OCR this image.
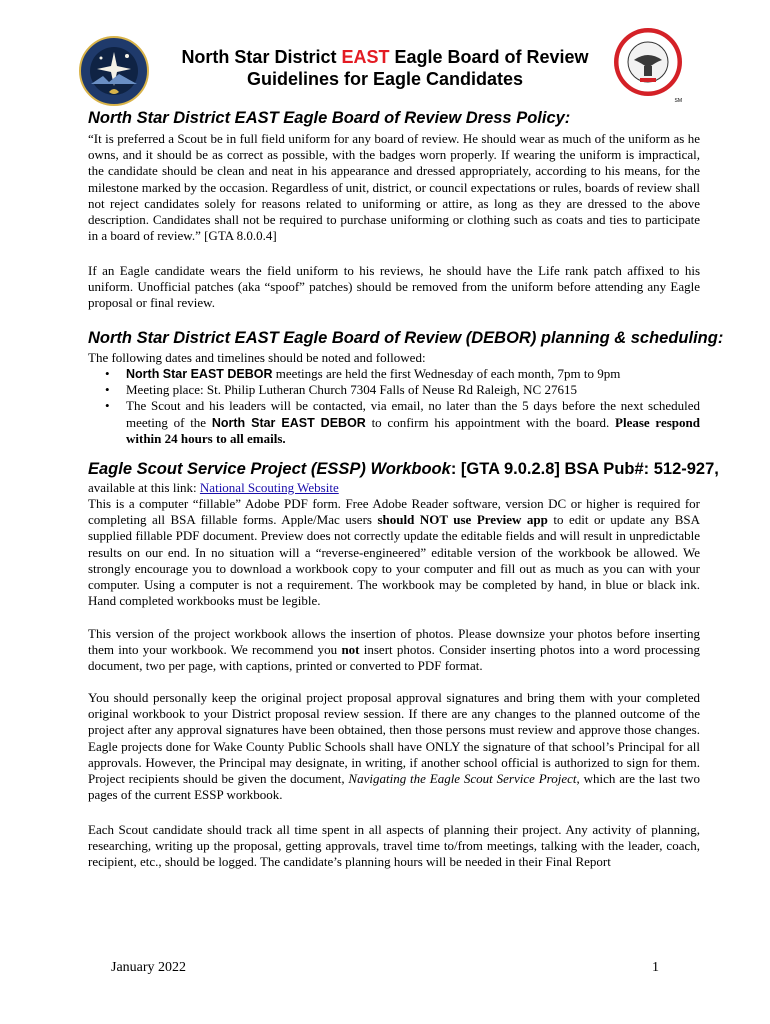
SM
North Star District EAST Eagle Board of Review
Guidelines for Eagle Candidates
North Star District EAST Eagle Board of Review Dress Policy:
“It is preferred a Scout be in full field uniform for any board of review. He should wear as much of the uniform as he owns, and it should be as correct as possible, with the badges worn properly. If wearing the uniform is impractical, the candidate should be clean and neat in his appearance and dressed appropriately, according to his means, for the milestone marked by the occasion. Regardless of unit, district, or council expectations or rules, boards of review shall not reject candidates solely for reasons related to uniforming or attire, as long as they are dressed to the above description. Candidates shall not be required to purchase uniforming or clothing such as coats and ties to participate in a board of review.” [GTA 8.0.0.4]
If an Eagle candidate wears the field uniform to his reviews, he should have the Life rank patch affixed to his uniform. Unofficial patches (aka “spoof” patches) should be removed from the uniform before attending any Eagle proposal or final review.
North Star District EAST Eagle Board of Review (DEBOR) planning & scheduling:
The following dates and timelines should be noted and followed:
• North Star EAST DEBOR meetings are held the first Wednesday of each month, 7pm to 9pm
• Meeting place: St. Philip Lutheran Church 7304 Falls of Neuse Rd Raleigh, NC 27615
• The Scout and his leaders will be contacted, via email, no later than the 5 days before the next scheduled meeting of the North Star EAST DEBOR to confirm his appointment with the board. Please respond within 24 hours to all emails.
Eagle Scout Service Project (ESSP) Workbook: [GTA 9.0.2.8] BSA Pub#: 512-927,
available at this link: National Scouting Website
This is a computer “fillable” Adobe PDF form. Free Adobe Reader software, version DC or higher is required for completing all BSA fillable forms. Apple/Mac users should NOT use Preview app to edit or update any BSA supplied fillable PDF document. Preview does not correctly update the editable fields and will result in unpredictable results on our end. In no situation will a “reverse-engineered” editable version of the workbook be allowed. We strongly encourage you to download a workbook copy to your computer and fill out as much as you can with your computer. Using a computer is not a requirement. The workbook may be completed by hand, in blue or black ink. Hand completed workbooks must be legible.
This version of the project workbook allows the insertion of photos. Please downsize your photos before inserting them into your workbook. We recommend you not insert photos. Consider inserting photos into a word processing document, two per page, with captions, printed or converted to PDF format.
You should personally keep the original project proposal approval signatures and bring them with your completed original workbook to your District proposal review session. If there are any changes to the planned outcome of the project after any approval signatures have been obtained, then those persons must review and approve those changes. Eagle projects done for Wake County Public Schools shall have ONLY the signature of that school’s Principal for all approvals. However, the Principal may designate, in writing, if another school official is authorized to sign for them. Project recipients should be given the document, Navigating the Eagle Scout Service Project, which are the last two pages of the current ESSP workbook.
Each Scout candidate should track all time spent in all aspects of planning their project. Any activity of planning, researching, writing up the proposal, getting approvals, travel time to/from meetings, talking with the leader, coach, recipient, etc., should be logged. The candidate’s planning hours will be needed in their Final Report
January 2022	1
